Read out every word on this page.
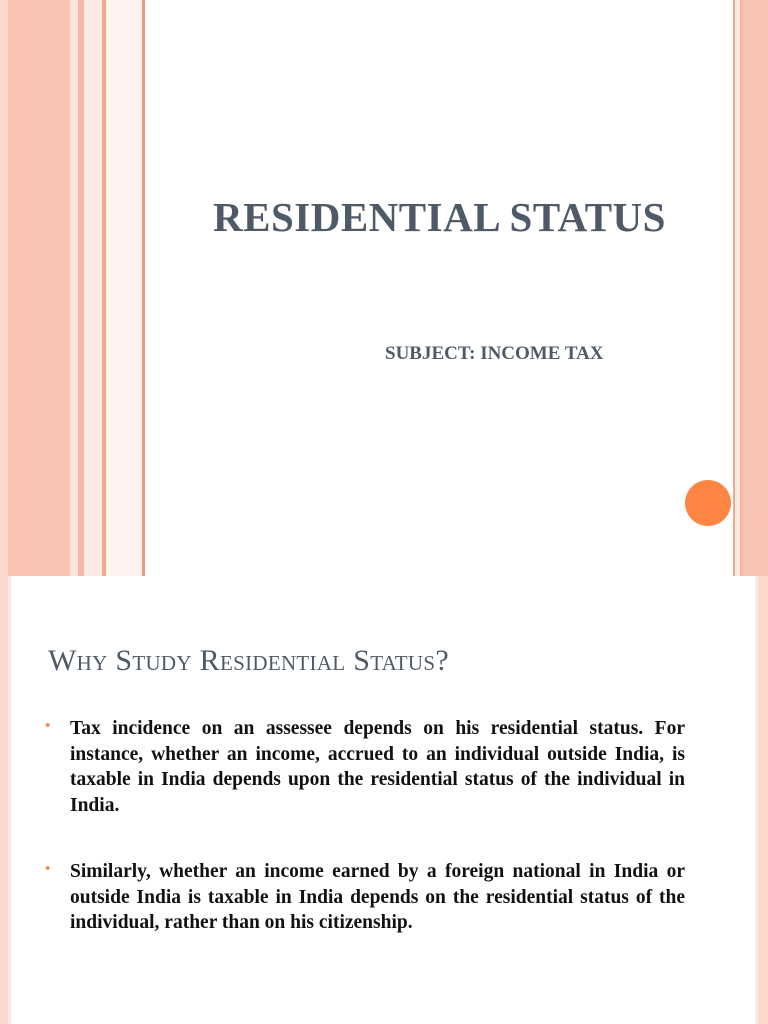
RESIDENTIAL STATUS

SUBJECT: INCOME TAX

Why Study Residential Status?
• Tax incidence on an assessee depends on his residential status. For instance, whether an income, accrued to an individual outside India, is taxable in India depends upon the residential status of the individual in India.
• Similarly, whether an income earned by a foreign national in India or outside India is taxable in India depends on the residential status of the individual, rather than on his citizenship.
